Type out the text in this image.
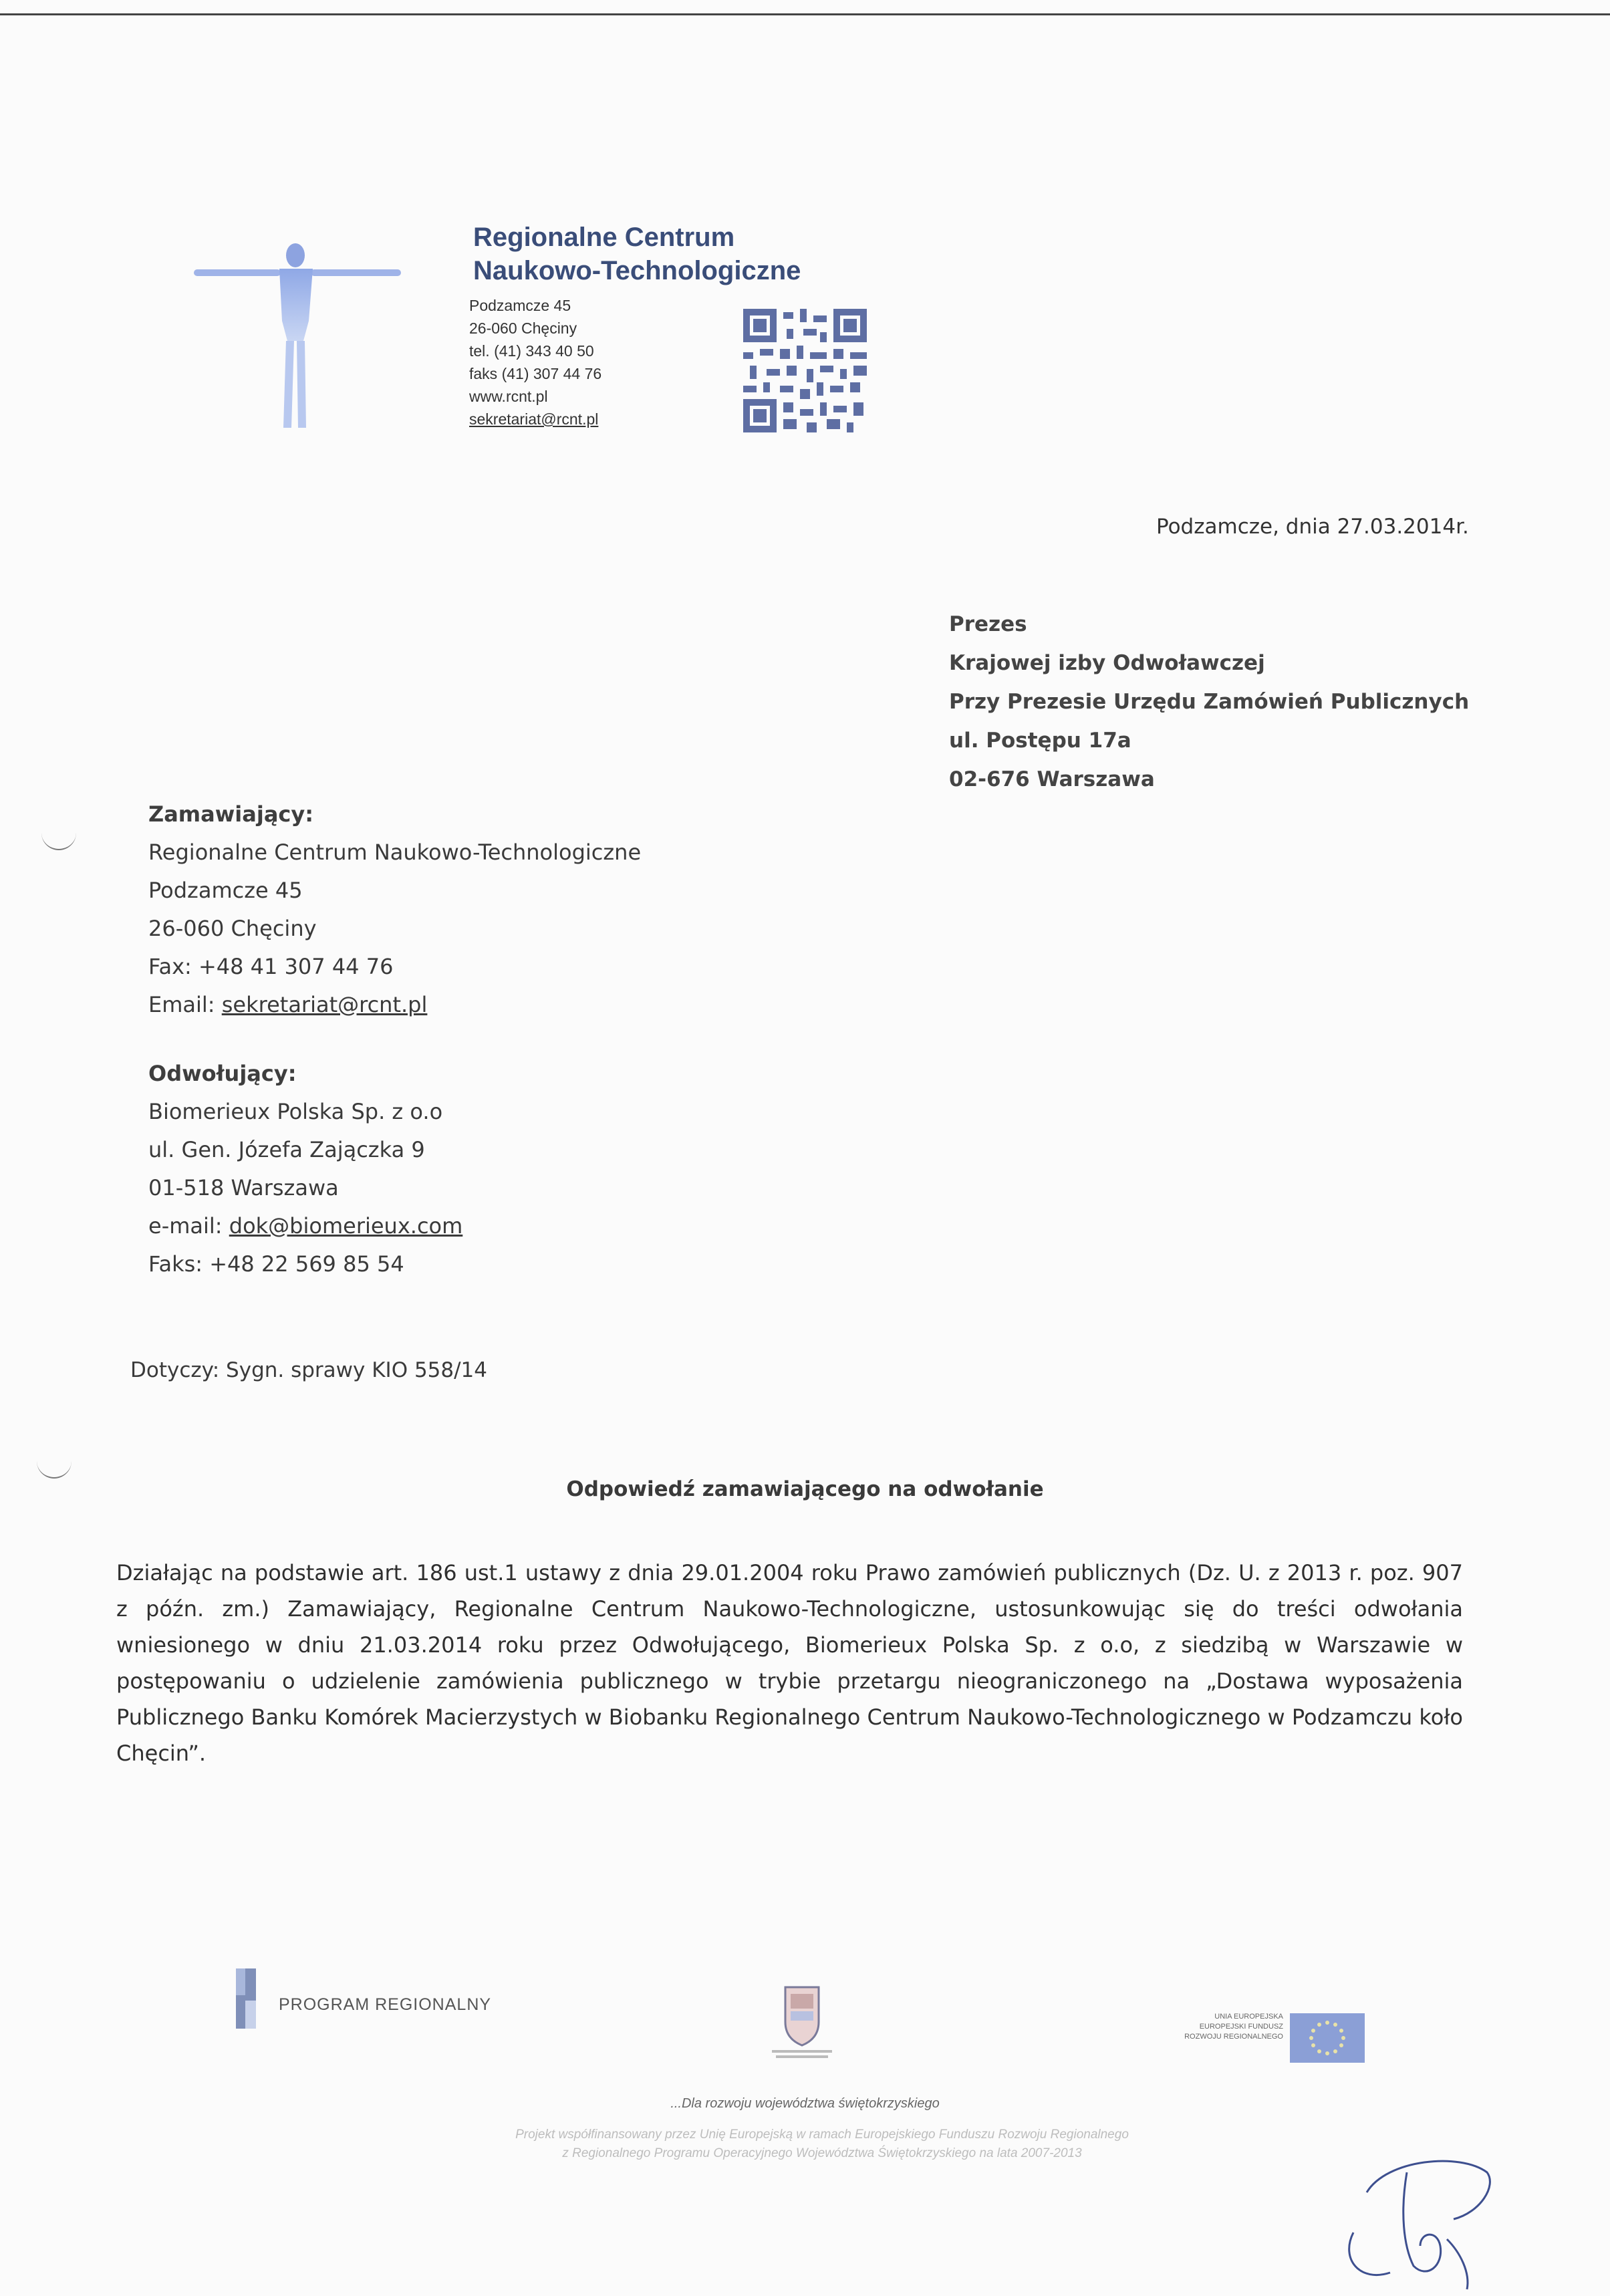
Regionalne Centrum
Naukowo-Technologiczne
Podzamcze 45
26-060 Chęciny
tel. (41) 343 40 50
faks (41) 307 44 76
www.rcnt.pl
sekretariat@rcnt.pl
Podzamcze, dnia 27.03.2014r.
Prezes
Krajowej izby Odwoławczej
Przy Prezesie Urzędu Zamówień Publicznych
ul. Postępu 17a
02-676 Warszawa
Zamawiający:
Regionalne Centrum Naukowo-Technologiczne
Podzamcze 45
26-060 Chęciny
Fax: +48 41 307 44 76
Email: sekretariat@rcnt.pl
Odwołujący:
Biomerieux Polska Sp. z o.o
ul. Gen. Józefa Zajączka 9
01-518 Warszawa
e-mail: dok@biomerieux.com
Faks: +48 22 569 85 54
Dotyczy: Sygn. sprawy KIO 558/14
Odpowiedź zamawiającego na odwołanie

Działając na podstawie art. 186 ust.1 ustawy z dnia 29.01.2004 roku Prawo zamówień publicznych (Dz. U. z 2013 r. poz. 907 z późn. zm.) Zamawiający, Regionalne Centrum Naukowo-Technologiczne, ustosunkowując się do treści odwołania wniesionego w dniu 21.03.2014 roku przez Odwołującego, Biomerieux Polska Sp. z o.o, z siedzibą w Warszawie w postępowaniu o udzielenie zamówienia publicznego w trybie przetargu nieograniczonego na „Dostawa wyposażenia Publicznego Banku Komórek Macierzystych w Biobanku Regionalnego Centrum Naukowo-Technologicznego w Podzamczu koło Chęcin”.

PROGRAM REGIONALNY
UNIA EUROPEJSKA
EUROPEJSKI FUNDUSZ
ROZWOJU REGIONALNEGO
...Dla rozwoju województwa świętokrzyskiego
Projekt współfinansowany przez Unię Europejską w ramach Europejskiego Funduszu Rozwoju Regionalnego
z Regionalnego Programu Operacyjnego Województwa Świętokrzyskiego na lata 2007-2013
